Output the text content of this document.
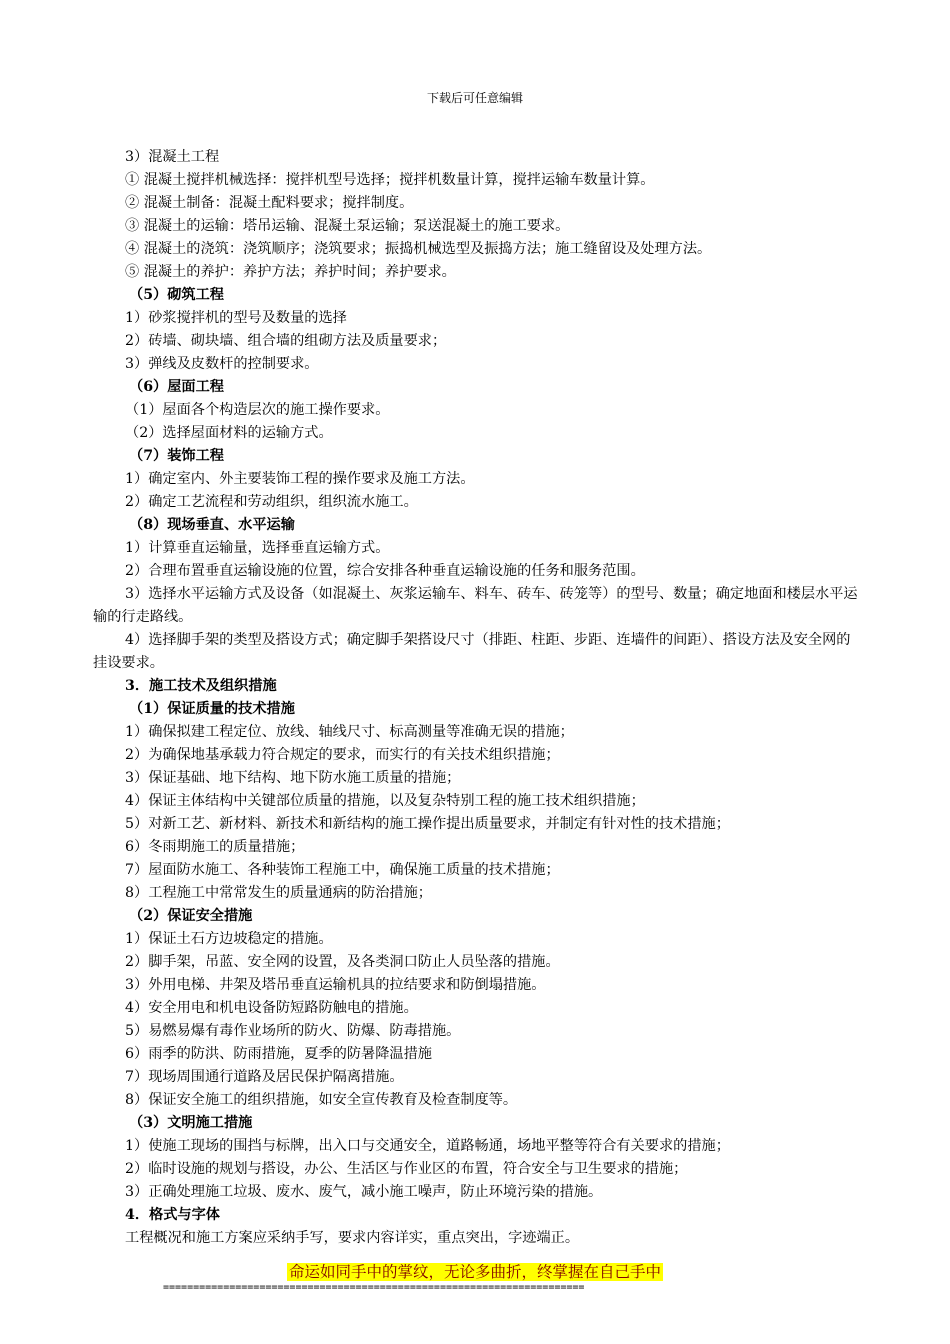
下载后可任意编辑
3）混凝土工程
① 混凝土搅拌机械选择：搅拌机型号选择；搅拌机数量计算，搅拌运输车数量计算。
② 混凝土制备：混凝土配料要求；搅拌制度。
③ 混凝土的运输：塔吊运输、混凝土泵运输；泵送混凝土的施工要求。
④ 混凝土的浇筑：浇筑顺序；浇筑要求；振捣机械选型及振捣方法；施工缝留设及处理方法。
⑤ 混凝土的养护：养护方法；养护时间；养护要求。
（5）砌筑工程
1）砂浆搅拌机的型号及数量的选择
2）砖墙、砌块墙、组合墙的组砌方法及质量要求；
3）弹线及皮数杆的控制要求。
（6）屋面工程
（1）屋面各个构造层次的施工操作要求。
（2）选择屋面材料的运输方式。
（7）装饰工程
1）确定室内、外主要装饰工程的操作要求及施工方法。
2）确定工艺流程和劳动组织，组织流水施工。
（8）现场垂直、水平运输
1）计算垂直运输量，选择垂直运输方式。
2）合理布置垂直运输设施的位置，综合安排各种垂直运输设施的任务和服务范围。
3）选择水平运输方式及设备（如混凝土、灰浆运输车、料车、砖车、砖笼等）的型号、数量；确定地面和楼层水平运输的行走路线。
4）选择脚手架的类型及搭设方式；确定脚手架搭设尺寸（排距、柱距、步距、连墙件的间距）、搭设方法及安全网的挂设要求。
3．施工技术及组织措施
（1）保证质量的技术措施
1）确保拟建工程定位、放线、轴线尺寸、标高测量等准确无误的措施；
2）为确保地基承载力符合规定的要求，而实行的有关技术组织措施；
3）保证基础、地下结构、地下防水施工质量的措施；
4）保证主体结构中关键部位质量的措施，以及复杂特别工程的施工技术组织措施；
5）对新工艺、新材料、新技术和新结构的施工操作提出质量要求，并制定有针对性的技术措施；
6）冬雨期施工的质量措施；
7）屋面防水施工、各种装饰工程施工中，确保施工质量的技术措施；
8）工程施工中常常发生的质量通病的防治措施；
（2）保证安全措施
1）保证土石方边坡稳定的措施。
2）脚手架，吊蓝、安全网的设置，及各类洞口防止人员坠落的措施。
3）外用电梯、井架及塔吊垂直运输机具的拉结要求和防倒塌措施。
4）安全用电和机电设备防短路防触电的措施。
5）易燃易爆有毒作业场所的防火、防爆、防毒措施。
6）雨季的防洪、防雨措施，夏季的防暑降温措施
7）现场周围通行道路及居民保护隔离措施。
8）保证安全施工的组织措施，如安全宣传教育及检查制度等。
（3）文明施工措施
1）使施工现场的围挡与标牌，出入口与交通安全，道路畅通，场地平整等符合有关要求的措施；
2）临时设施的规划与搭设，办公、生活区与作业区的布置，符合安全与卫生要求的措施；
3）正确处理施工垃圾、废水、废气，减小施工噪声，防止环境污染的措施。
4．格式与字体
工程概况和施工方案应采纳手写，要求内容详实，重点突出，字迹端正。
命运如同手中的掌纹，无论多曲折，终掌握在自己手中
======================================================================
